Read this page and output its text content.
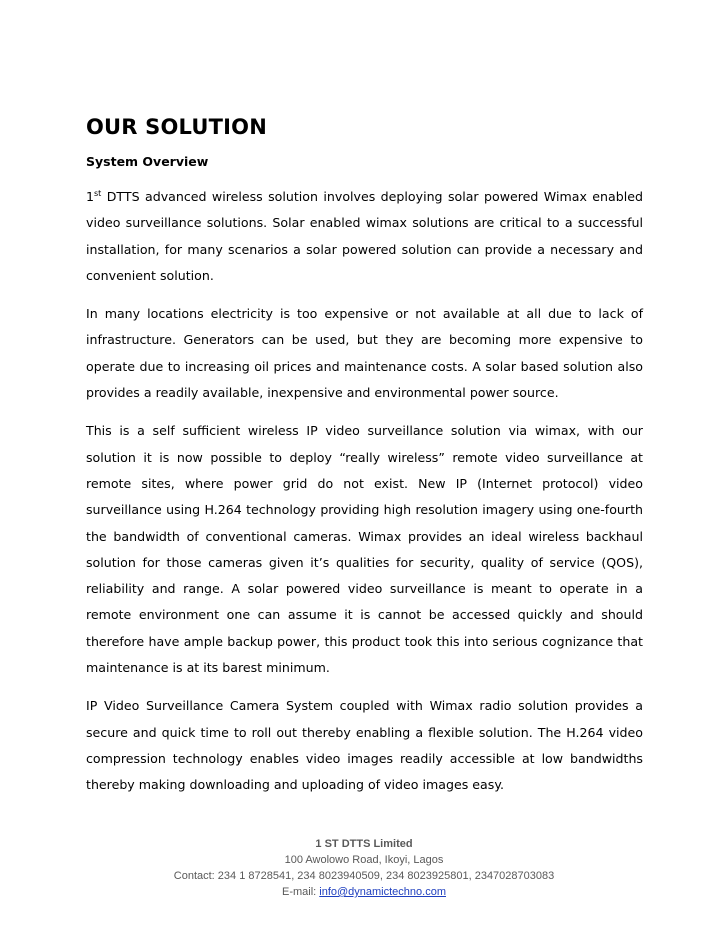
OUR SOLUTION
System Overview

1st DTTS advanced wireless solution involves deploying solar powered Wimax enabled video surveillance solutions. Solar enabled wimax solutions are critical to a successful installation, for many scenarios a solar powered solution can provide a necessary and convenient solution.

In many locations electricity is too expensive or not available at all due to lack of infrastructure. Generators can be used, but they are becoming more expensive to operate due to increasing oil prices and maintenance costs. A solar based solution also provides a readily available, inexpensive and environmental power source.

This is a self sufficient wireless IP video surveillance solution via wimax, with our solution it is now possible to deploy “really wireless” remote video surveillance at remote sites, where power grid do not exist. New IP (Internet protocol) video surveillance using H.264 technology providing high resolution imagery using one-fourth the bandwidth of conventional cameras. Wimax provides an ideal wireless backhaul solution for those cameras given it’s qualities for security, quality of service (QOS), reliability and range. A solar powered video surveillance is meant to operate in a remote environment one can assume it is cannot be accessed quickly and should therefore have ample backup power, this product took this into serious cognizance that maintenance is at its barest minimum.

IP Video Surveillance Camera System coupled with Wimax radio solution provides a secure and quick time to roll out thereby enabling a flexible solution. The H.264 video compression technology enables video images readily accessible at low bandwidths thereby making downloading and uploading of video images easy.

1 ST DTTS Limited
100 Awolowo Road, Ikoyi, Lagos
Contact: 234 1 8728541, 234 8023940509, 234 8023925801, 2347028703083
E-mail: info@dynamictechno.com
